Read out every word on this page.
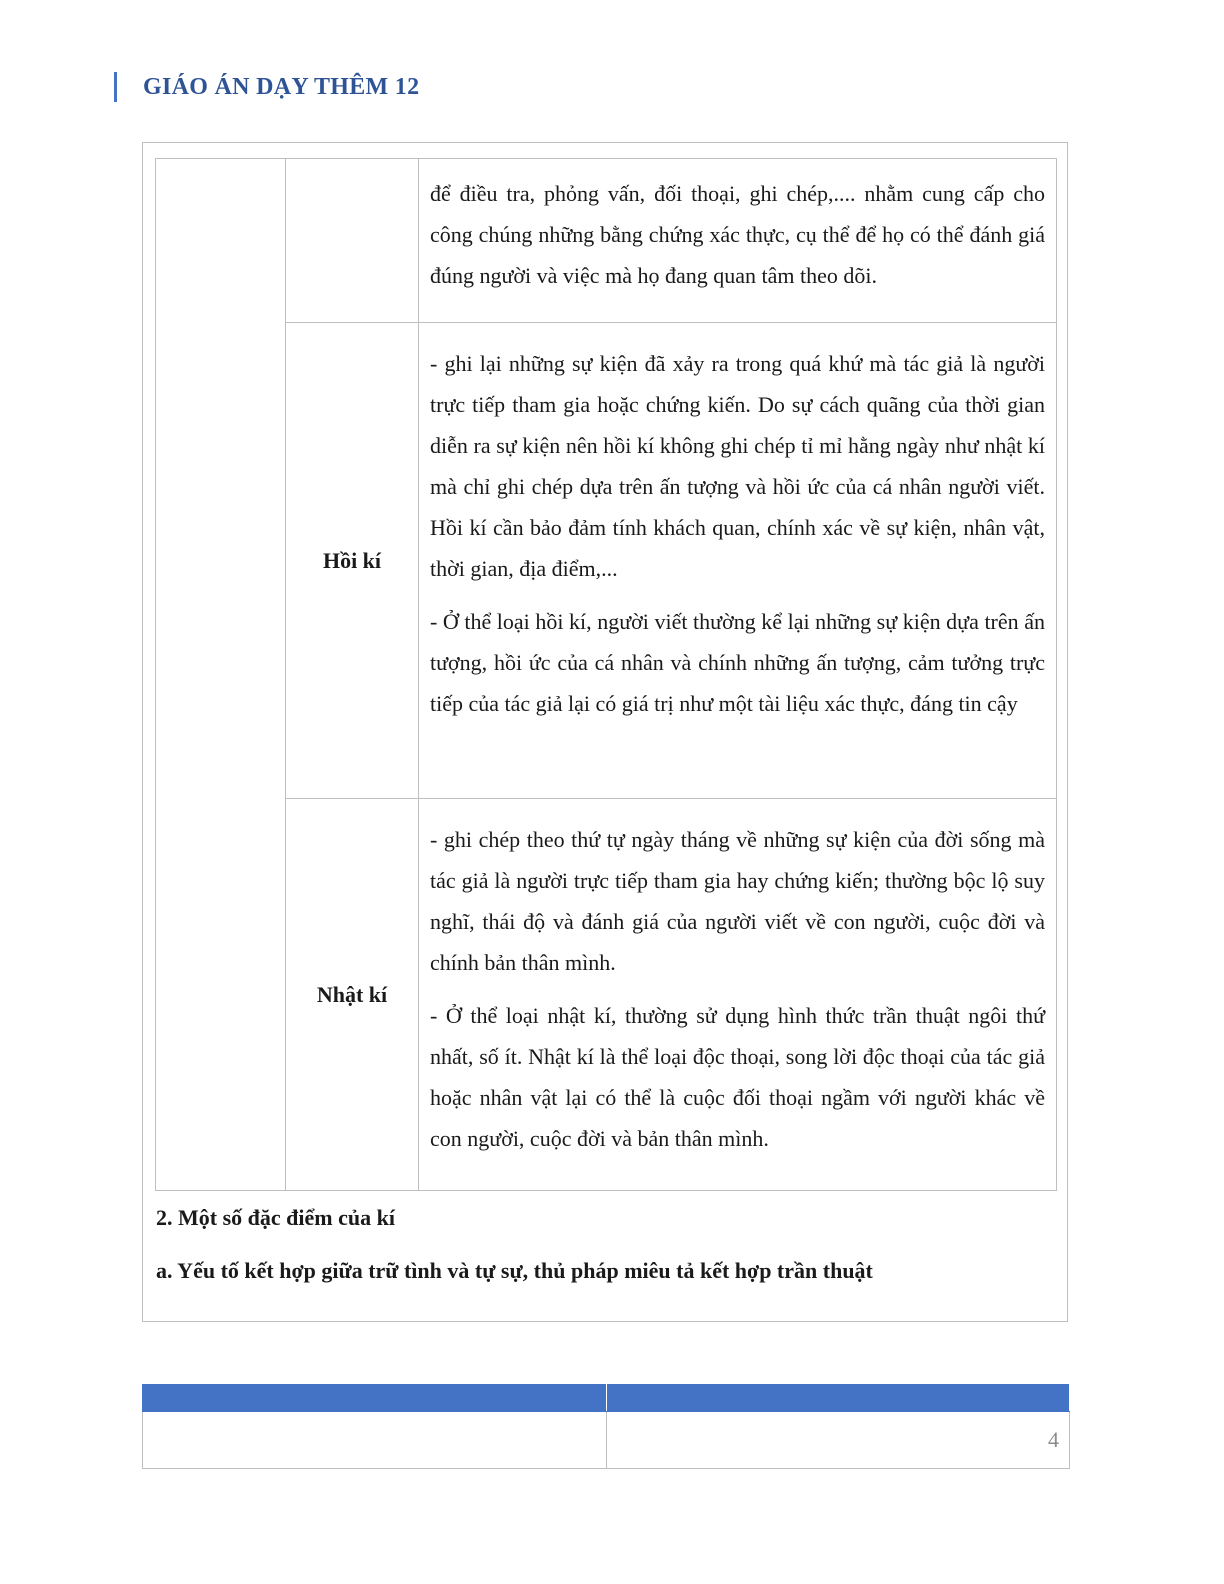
GIÁO ÁN DẠY THÊM 12

		để điều tra, phỏng vấn, đối thoại, ghi chép,.... nhằm cung cấp cho công chúng những bằng chứng xác thực, cụ thể để họ có thể đánh giá đúng người và việc mà họ đang quan tâm theo dõi.

	Hồi kí	- ghi lại những sự kiện đã xảy ra trong quá khứ mà tác giả là người trực tiếp tham gia hoặc chứng kiến. Do sự cách quãng của thời gian diễn ra sự kiện nên hồi kí không ghi chép tỉ mỉ hằng ngày như nhật kí mà chỉ ghi chép dựa trên ấn tượng và hồi ức của cá nhân người viết. Hồi kí cần bảo đảm tính khách quan, chính xác về sự kiện, nhân vật, thời gian, địa điểm,...

- Ở thể loại hồi kí, người viết thường kể lại những sự kiện dựa trên ấn tượng, hồi ức của cá nhân và chính những ấn tượng, cảm tưởng trực tiếp của tác giả lại có giá trị như một tài liệu xác thực, đáng tin cậy

	Nhật kí	- ghi chép theo thứ tự ngày tháng về những sự kiện của đời sống mà tác giả là người trực tiếp tham gia hay chứng kiến; thường bộc lộ suy nghĩ, thái độ và đánh giá của người viết về con người, cuộc đời và chính bản thân mình.

- Ở thể loại nhật kí, thường sử dụng hình thức trần thuật ngôi thứ nhất, số ít. Nhật kí là thể loại độc thoại, song lời độc thoại của tác giả hoặc nhân vật lại có thể là cuộc đối thoại ngầm với người khác về con người, cuộc đời và bản thân mình.

2. Một số đặc điểm của kí

a. Yếu tố kết hợp giữa trữ tình và tự sự, thủ pháp miêu tả kết hợp trần thuật

	4
